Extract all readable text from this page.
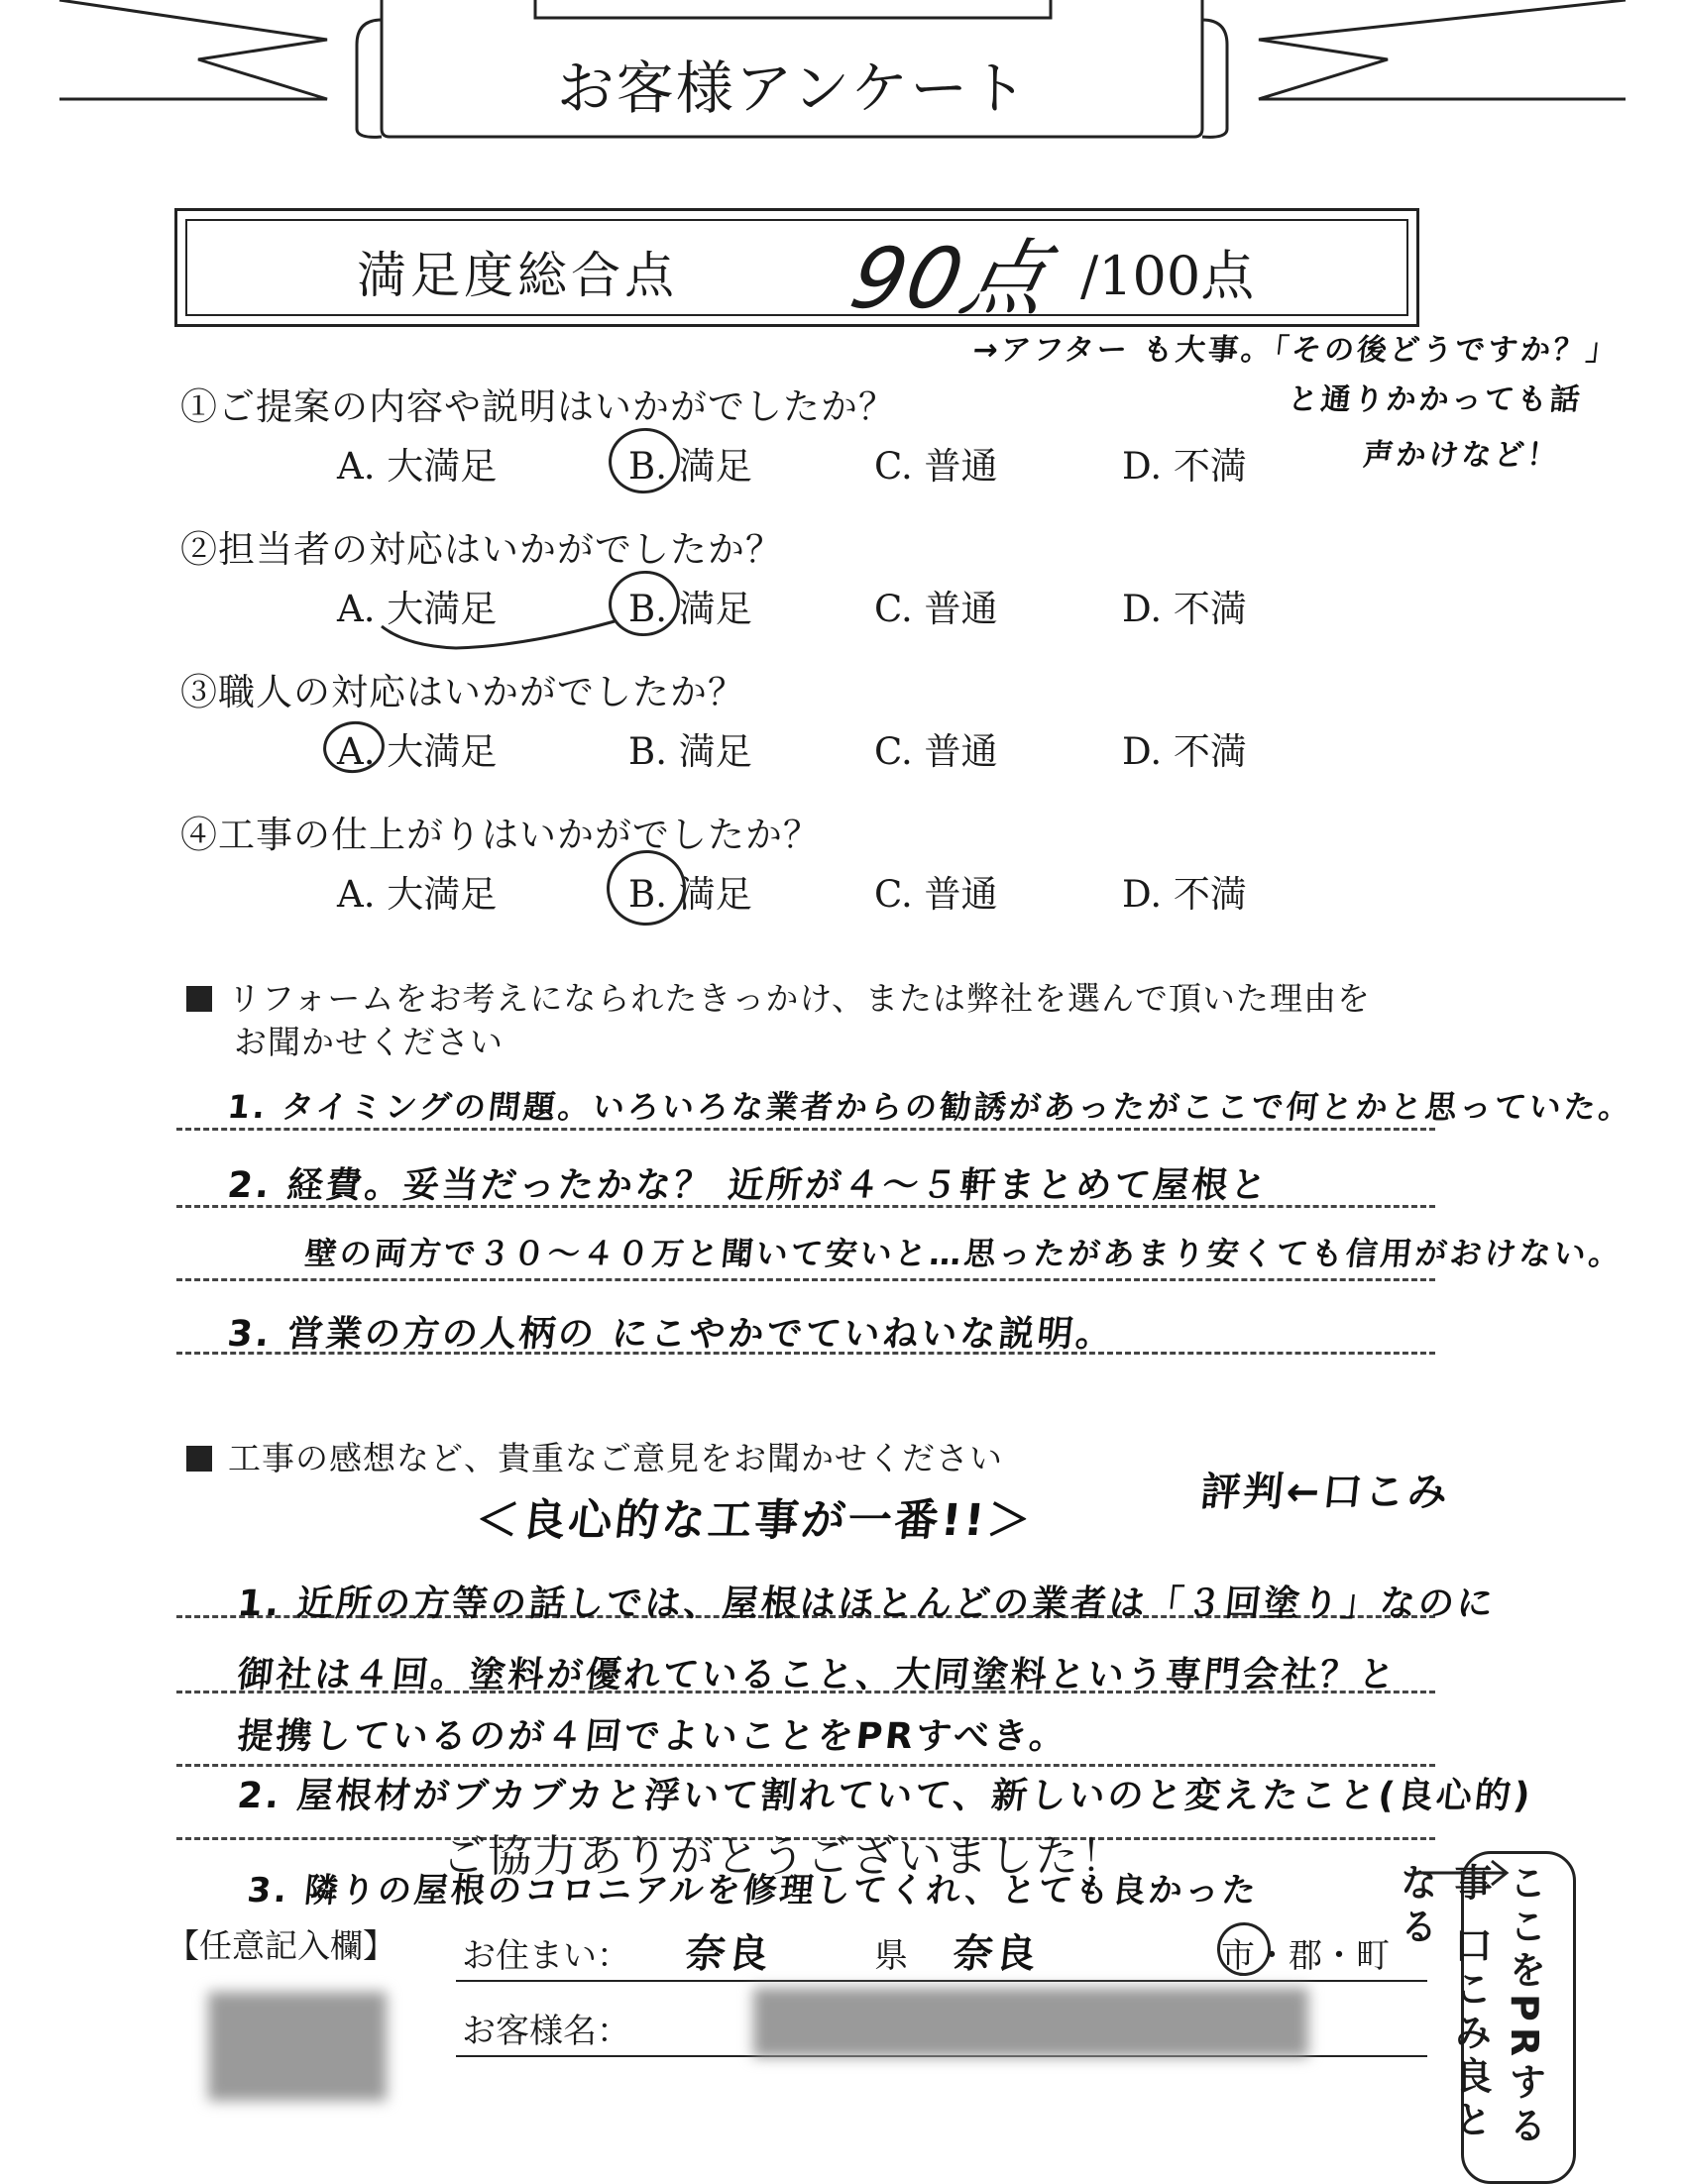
お客様アンケート
満足度総合点 90点 /100点
→アフター も大事。「その後どうですか？」
と通りかかっても話
声かけなど！
①ご提案の内容や説明はいかがでしたか？
A. 大満足	B. 満足	C. 普通	D. 不満
②担当者の対応はいかがでしたか？
A. 大満足	B. 満足	C. 普通	D. 不満
③職人の対応はいかがでしたか？
A. 大満足	B. 満足	C. 普通	D. 不満
④工事の仕上がりはいかがでしたか？
A. 大満足	B. 満足	C. 普通	D. 不満
リフォームをお考えになられたきっかけ、または弊社を選んで頂いた理由を
お聞かせください
1. タイミングの問題。いろいろな業者からの勧誘があったがここで何とかと思っていた。
2. 経費。妥当だったかな？ 近所が４～５軒まとめて屋根と
壁の両方で３０～４０万と聞いて安いと…思ったがあまり安くても信用がおけない。
3. 営業の方の人柄の にこやかでていねいな説明。
工事の感想など、貴重なご意見をお聞かせください
＜良心的な工事が一番!!＞
評判←口こみ
1. 近所の方等の話しでは、屋根はほとんどの業者は「３回塗り」なのに
御社は４回。塗料が優れていること、大同塗料という専門会社？と
提携しているのが４回でよいことをPRすべき。
2. 屋根材がブカブカと浮いて割れていて、新しいのと変えたこと(良心的)
3. 隣りの屋根のコロニアルを修理してくれ、とても良かった
ご協力ありがとうございました！
【任意記入欄】 お住まい： 奈良	県 奈良	市・郡・町
お客様名：	ここをPRする事 口こみ良となる
